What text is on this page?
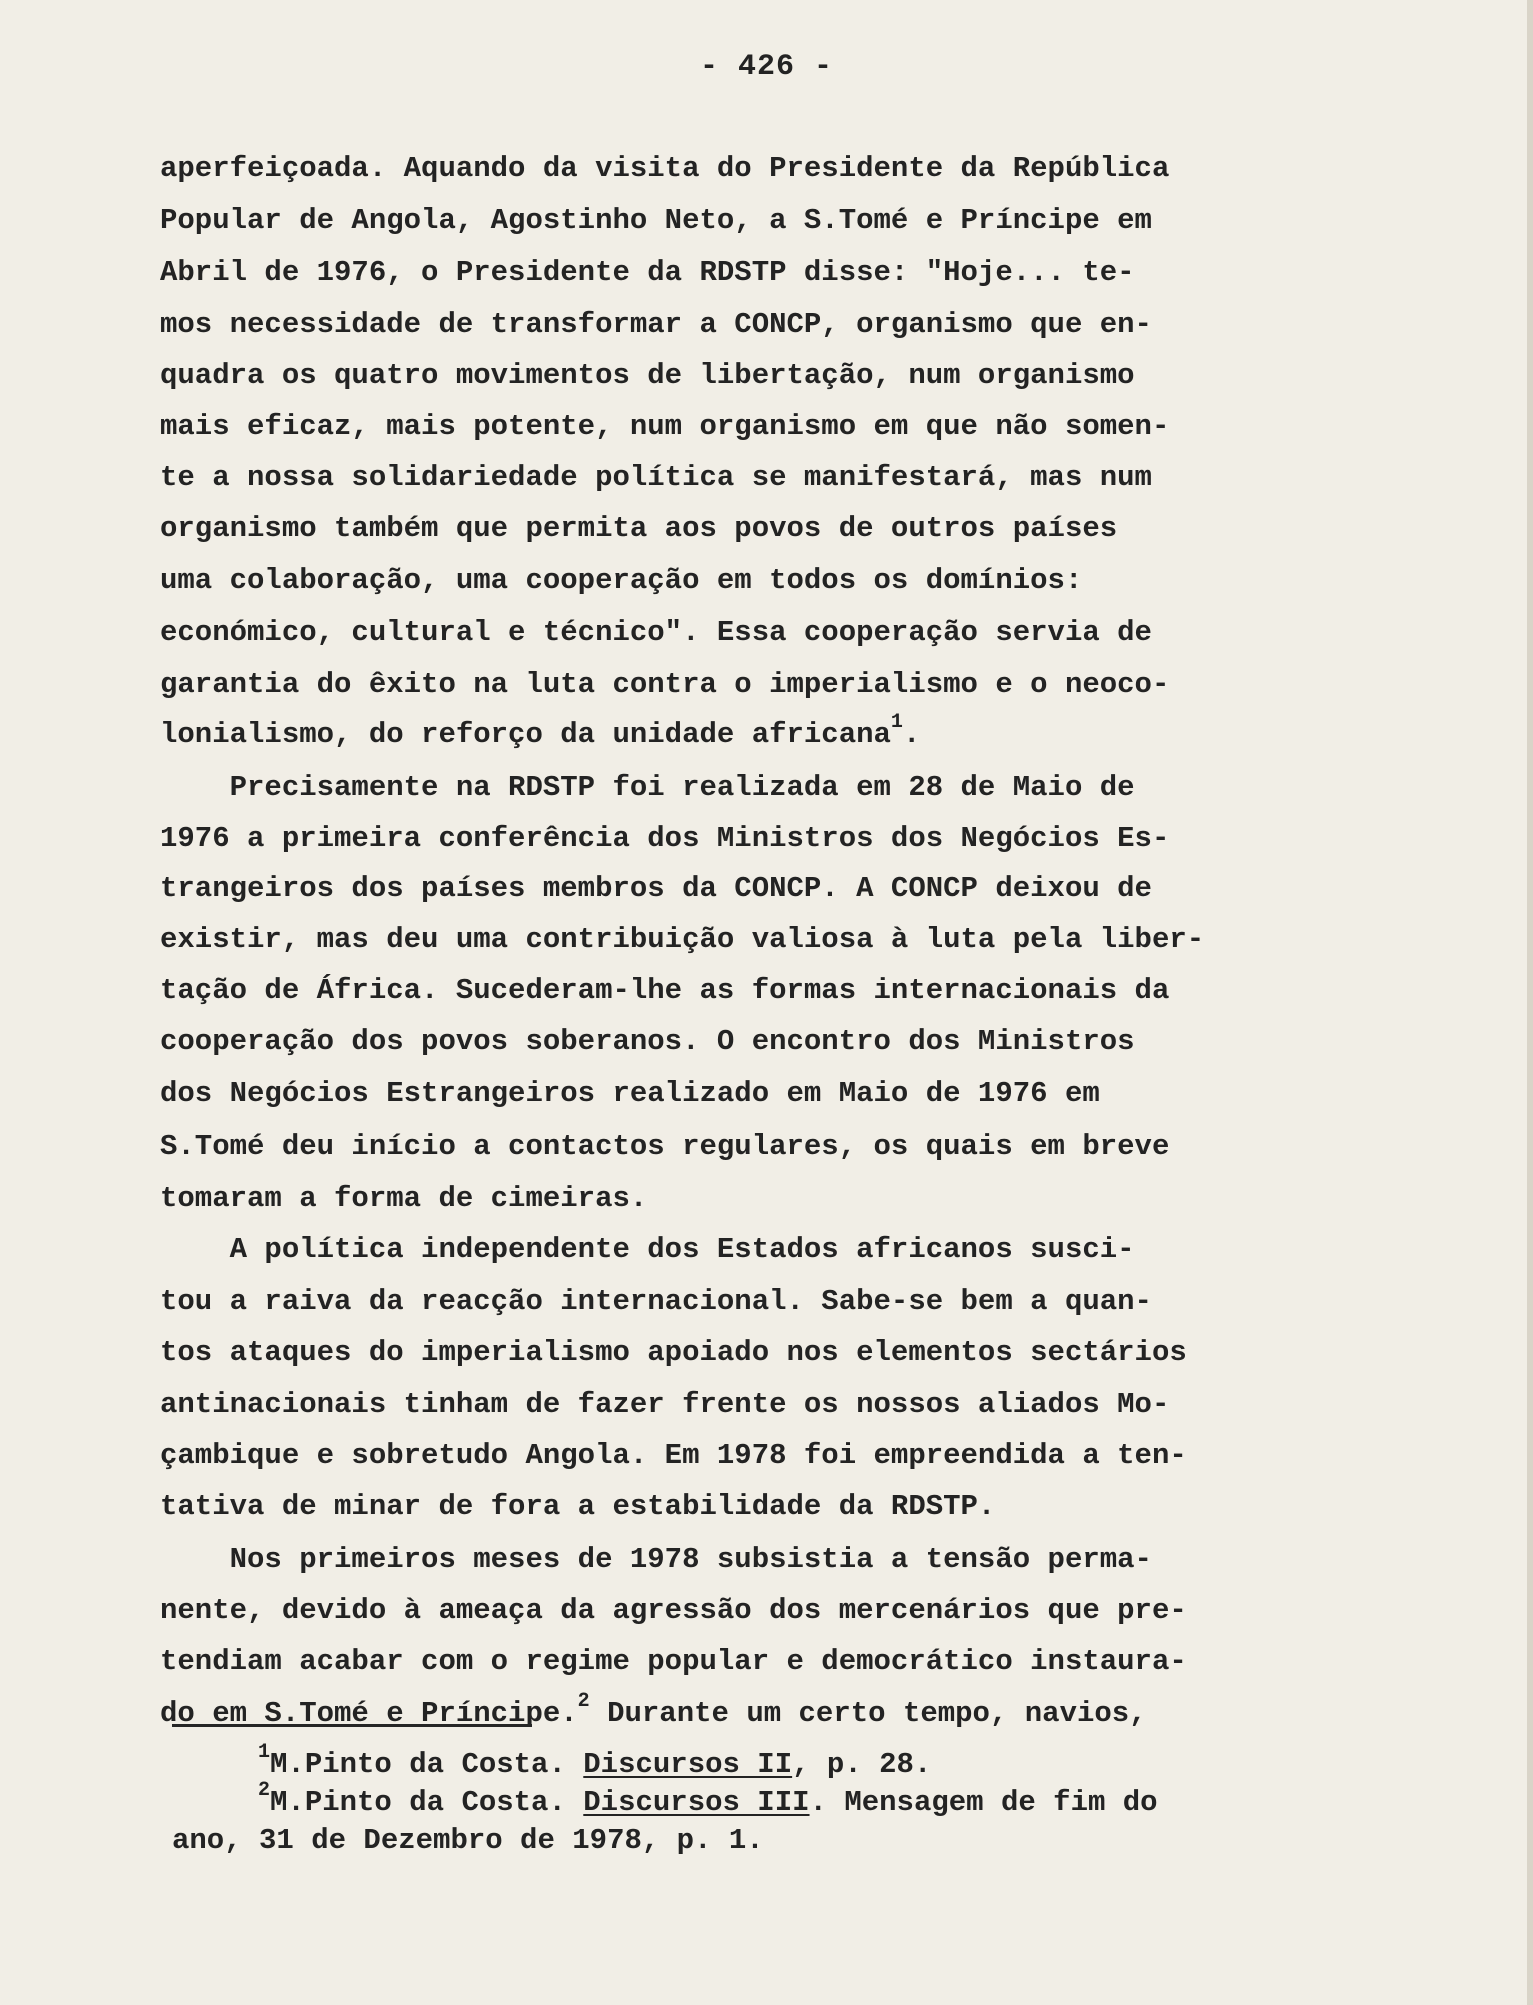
- 426 -
aperfeiçoada. Aquando da visita do Presidente da República
Popular de Angola, Agostinho Neto, a S.Tomé e Príncipe em
Abril de 1976, o Presidente da RDSTP disse: "Hoje... te-
mos necessidade de transformar a CONCP, organismo que en-
quadra os quatro movimentos de libertação, num organismo
mais eficaz, mais potente, num organismo em que não somen-
te a nossa solidariedade política se manifestará, mas num
organismo também que permita aos povos de outros países
uma colaboração, uma cooperação em todos os domínios:
económico, cultural e técnico". Essa cooperação servia de
garantia do êxito na luta contra o imperialismo e o neoco-
lonialismo, do reforço da unidade africana$^1$.
Precisamente na RDSTP foi realizada em 28 de Maio de
1976 a primeira conferência dos Ministros dos Negócios Es-
trangeiros dos países membros da CONCP. A CONCP deixou de
existir, mas deu uma contribuição valiosa à luta pela liber-
tação de África. Sucederam-lhe as formas internacionais da
cooperação dos povos soberanos. O encontro dos Ministros
dos Negócios Estrangeiros realizado em Maio de 1976 em
S.Tomé deu início a contactos regulares, os quais em breve
tomaram a forma de cimeiras.
A política independente dos Estados africanos susci-
tou a raiva da reacção internacional. Sabe-se bem a quan-
tos ataques do imperialismo apoiado nos elementos sectários
antinacionais tinham de fazer frente os nossos aliados Mo-
çambique e sobretudo Angola. Em 1978 foi empreendida a ten-
tativa de minar de fora a estabilidade da RDSTP.
Nos primeiros meses de 1978 subsistia a tensão perma-
nente, devido à ameaça da agressão dos mercenários que pre-
tendiam acabar com o regime popular e democrático instaura-
do em S.Tomé e Príncipe.$^2$ Durante um certo tempo, navios,
$^1$M.Pinto da Costa. Discursos II, p. 28.
$^2$M.Pinto da Costa. Discursos III. Mensagem de fim do
ano, 31 de Dezembro de 1978, p. 1.
